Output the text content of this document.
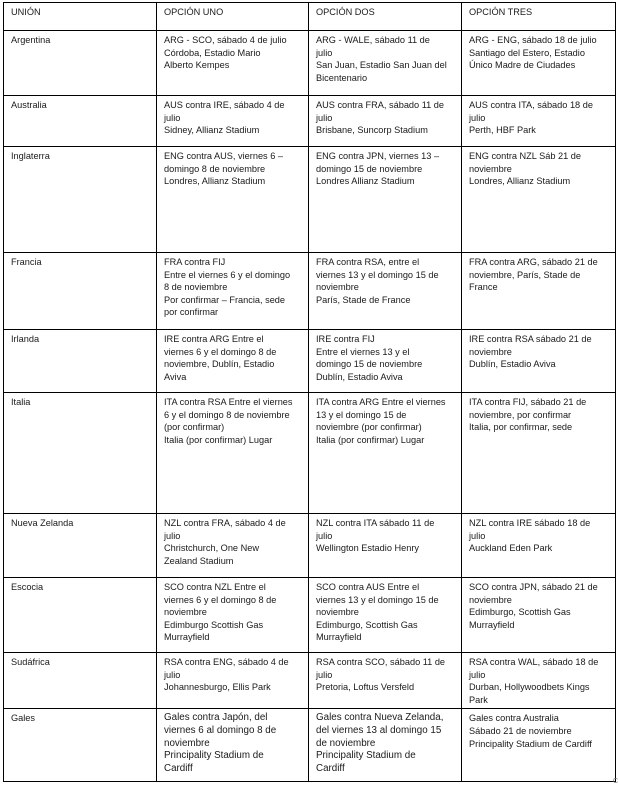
UNIÓN	OPCIÓN UNO	OPCIÓN DOS	OPCIÓN TRES
Argentina	ARG - SCO, sábado 4 de julio
Córdoba, Estadio Mario
Alberto Kempes	ARG - WALE, sábado 11 de
julio
San Juan, Estadio San Juan del
Bicentenario	ARG - ENG, sábado 18 de julio
Santiago del Estero, Estadio
Único Madre de Ciudades

Australia	AUS contra IRE, sábado 4 de
julio
Sidney, Allianz Stadium	AUS contra FRA, sábado 11 de
julio
Brisbane, Suncorp Stadium	AUS contra ITA, sábado 18 de
julio
Perth, HBF Park

Inglaterra	ENG contra AUS, viernes 6 –
domingo 8 de noviembre
Londres, Allianz Stadium	ENG contra JPN, viernes 13 –
domingo 15 de noviembre
Londres Allianz Stadium	ENG contra NZL Sáb 21 de
noviembre
Londres, Allianz Stadium

Francia	FRA contra FIJ
Entre el viernes 6 y el domingo
8 de noviembre
Por confirmar – Francia, sede
por confirmar	FRA contra RSA, entre el
viernes 13 y el domingo 15 de
noviembre
París, Stade de France	FRA contra ARG, sábado 21 de
noviembre, París, Stade de
France

Irlanda	IRE contra ARG Entre el
viernes 6 y el domingo 8 de
noviembre, Dublín, Estadio
Aviva	IRE contra FIJ
Entre el viernes 13 y el
domingo 15 de noviembre
Dublín, Estadio Aviva	IRE contra RSA sábado 21 de
noviembre
Dublín, Estadio Aviva

Italia	ITA contra RSA Entre el viernes
6 y el domingo 8 de noviembre
(por confirmar)
Italia (por confirmar) Lugar	ITA contra ARG Entre el viernes
13 y el domingo 15 de
noviembre (por confirmar)
Italia (por confirmar) Lugar	ITA contra FIJ, sábado 21 de
noviembre, por confirmar
Italia, por confirmar, sede

Nueva Zelanda	NZL contra FRA, sábado 4 de
julio
Christchurch, One New
Zealand Stadium	NZL contra ITA sábado 11 de
julio
Wellington Estadio Henry	NZL contra IRE sábado 18 de
julio
Auckland Eden Park

Escocia	SCO contra NZL Entre el
viernes 6 y el domingo 8 de
noviembre
Edimburgo Scottish Gas
Murrayfield	SCO contra AUS Entre el
viernes 13 y el domingo 15 de
noviembre
Edimburgo, Scottish Gas
Murrayfield	SCO contra JPN, sábado 21 de
noviembre
Edimburgo, Scottish Gas
Murrayfield

Sudáfrica	RSA contra ENG, sábado 4 de
julio
Johannesburgo, Ellis Park	RSA contra SCO, sábado 11 de
julio
Pretoria, Loftus Versfeld	RSA contra WAL, sábado 18 de
julio
Durban, Hollywoodbets Kings
Park

Gales	Gales contra Japón, del
viernes 6 al domingo 8 de
noviembre
Principality Stadium de
Cardiff	Gales contra Nueva Zelanda,
del viernes 13 al domingo 15
de noviembre
Principality Stadium de
Cardiff	Gales contra Australia
Sábado 21 de noviembre
Principality Stadium de Cardiff
C
